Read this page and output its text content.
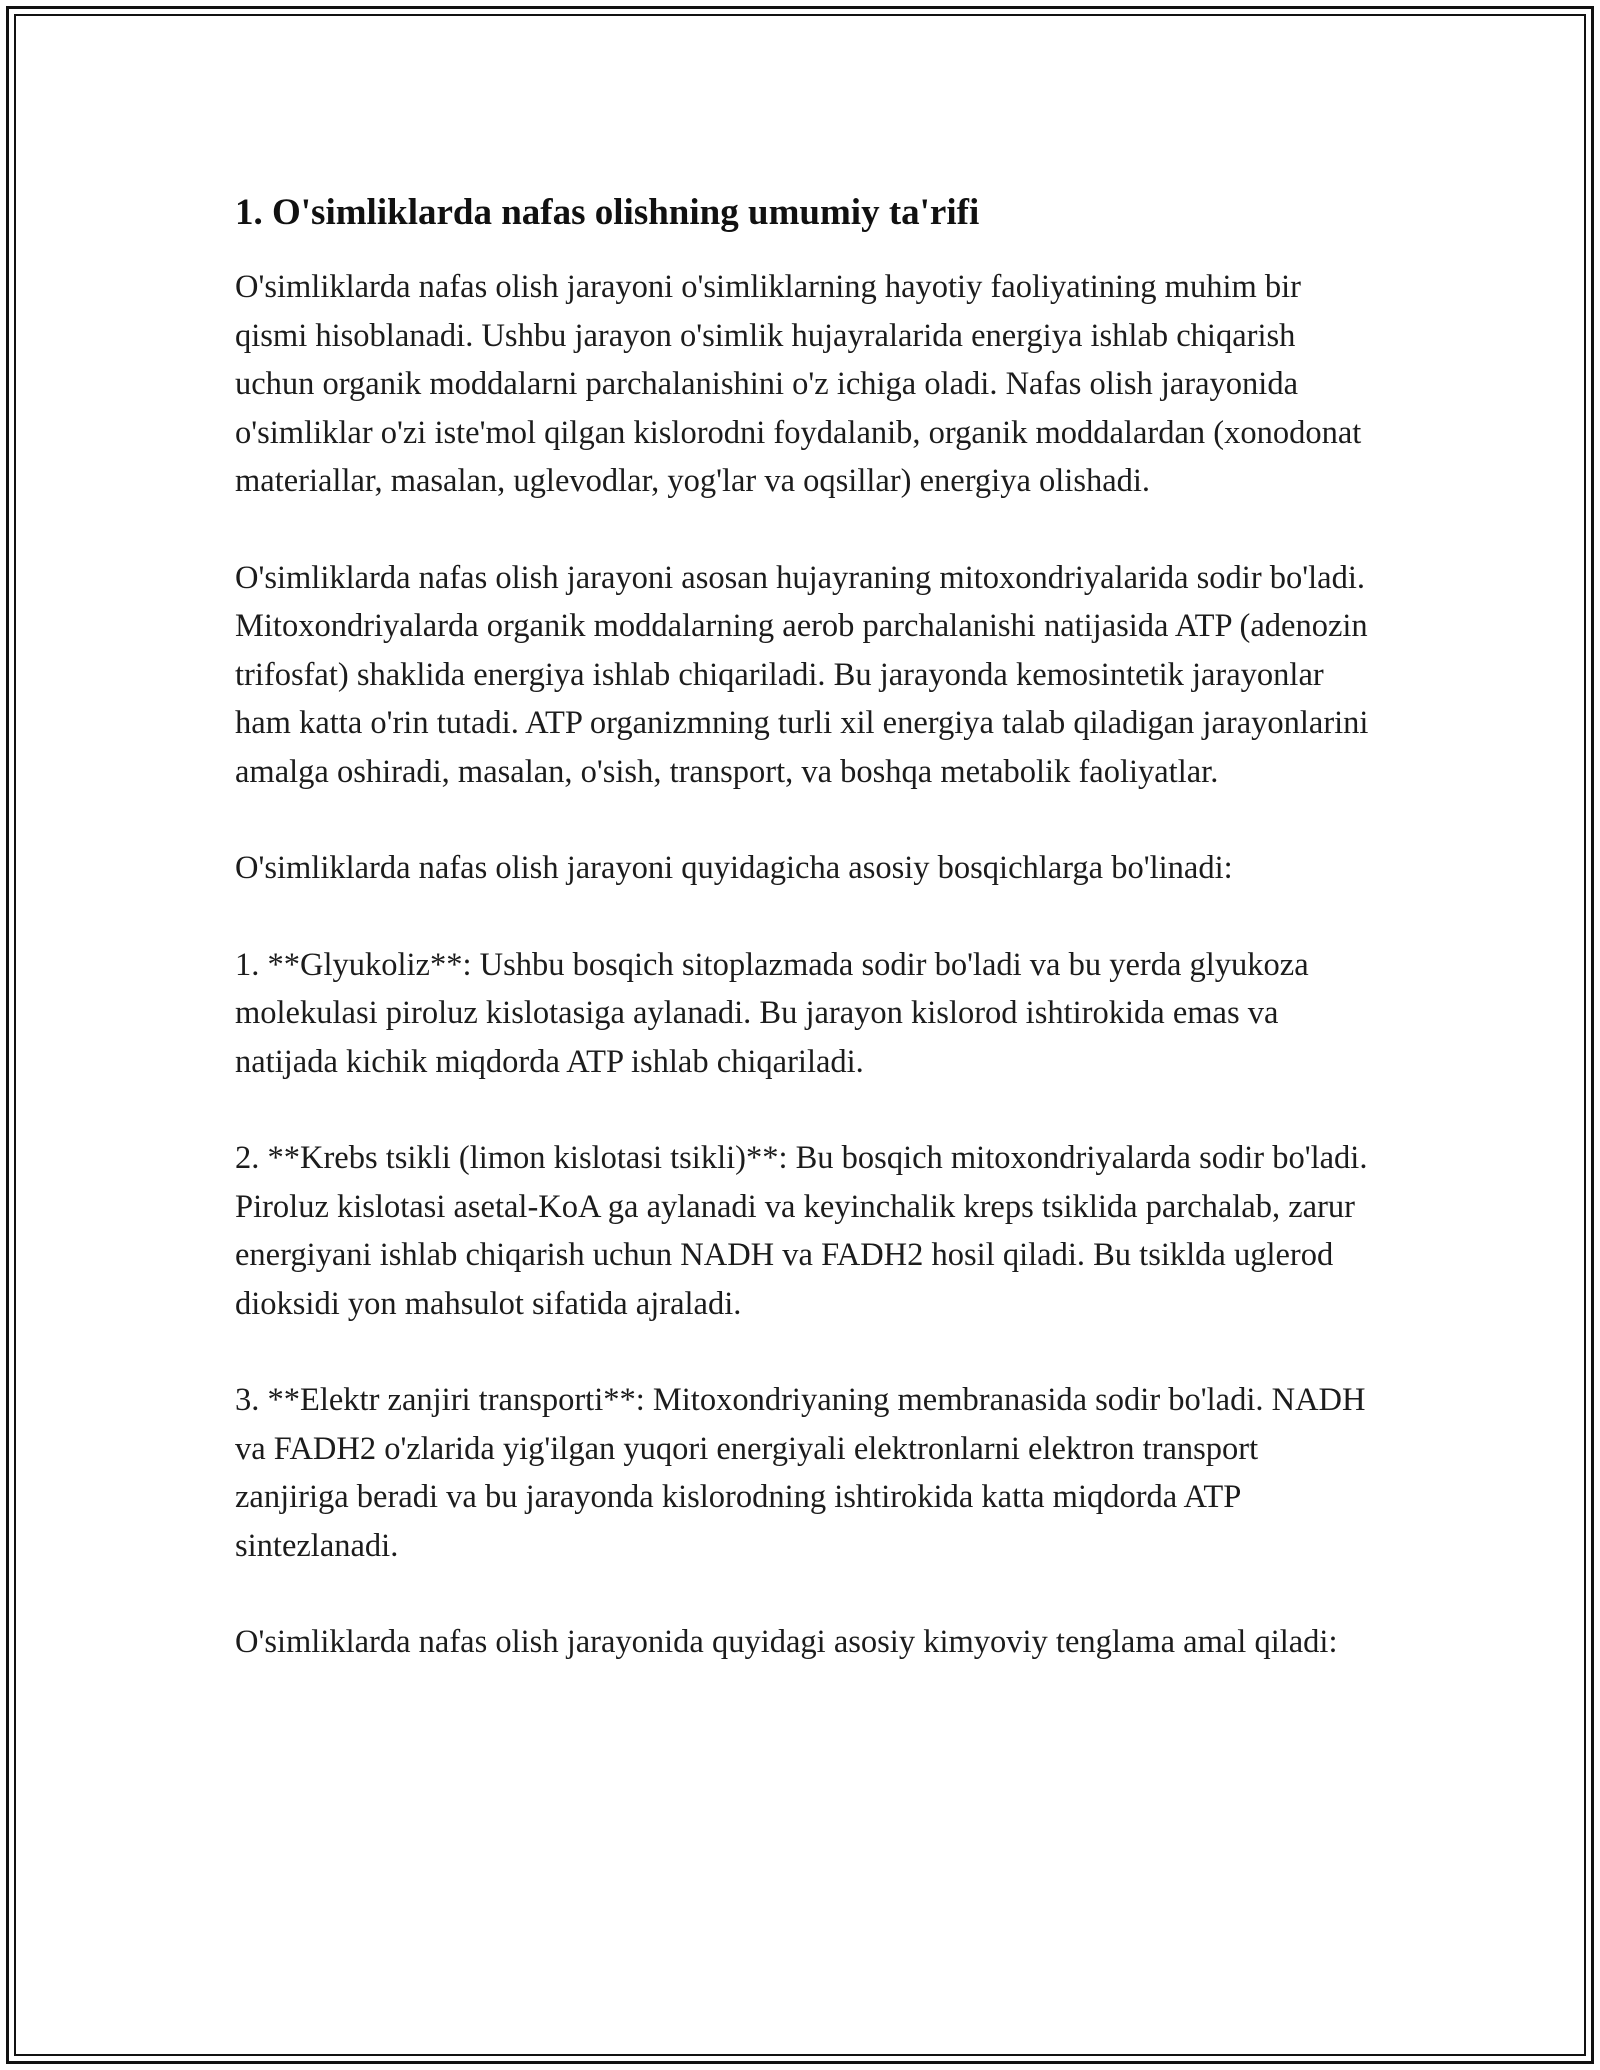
1. O'simliklarda nafas olishning umumiy ta'rifi

O'simliklarda nafas olish jarayoni o'simliklarning hayotiy faoliyatining muhim bir qismi hisoblanadi. Ushbu jarayon o'simlik hujayralarida energiya ishlab chiqarish uchun organik moddalarni parchalanishini o'z ichiga oladi. Nafas olish jarayonida o'simliklar o'zi iste'mol qilgan kislorodni foydalanib, organik moddalardan (xonodonat materiallar, masalan, uglevodlar, yog'lar va oqsillar) energiya olishadi.

O'simliklarda nafas olish jarayoni asosan hujayraning mitoxondriyalarida sodir bo'ladi. Mitoxondriyalarda organik moddalarning aerob parchalanishi natijasida ATP (adenozin trifosfat) shaklida energiya ishlab chiqariladi. Bu jarayonda kemosintetik jarayonlar ham katta o'rin tutadi. ATP organizmning turli xil energiya talab qiladigan jarayonlarini amalga oshiradi, masalan, o'sish, transport, va boshqa metabolik faoliyatlar.

O'simliklarda nafas olish jarayoni quyidagicha asosiy bosqichlarga bo'linadi:

1. **Glyukoliz**: Ushbu bosqich sitoplazmada sodir bo'ladi va bu yerda glyukoza molekulasi piroluz kislotasiga aylanadi. Bu jarayon kislorod ishtirokida emas va natijada kichik miqdorda ATP ishlab chiqariladi.

2. **Krebs tsikli (limon kislotasi tsikli)**: Bu bosqich mitoxondriyalarda sodir bo'ladi. Piroluz kislotasi asetal-KoA ga aylanadi va keyinchalik kreps tsiklida parchalab, zarur energiyani ishlab chiqarish uchun NADH va FADH2 hosil qiladi. Bu tsiklda uglerod dioksidi yon mahsulot sifatida ajraladi.

3. **Elektr zanjiri transporti**: Mitoxondriyaning membranasida sodir bo'ladi. NADH va FADH2 o'zlarida yig'ilgan yuqori energiyali elektronlarni elektron transport zanjiriga beradi va bu jarayonda kislorodning ishtirokida katta miqdorda ATP sintezlanadi.

O'simliklarda nafas olish jarayonida quyidagi asosiy kimyoviy tenglama amal qiladi:
